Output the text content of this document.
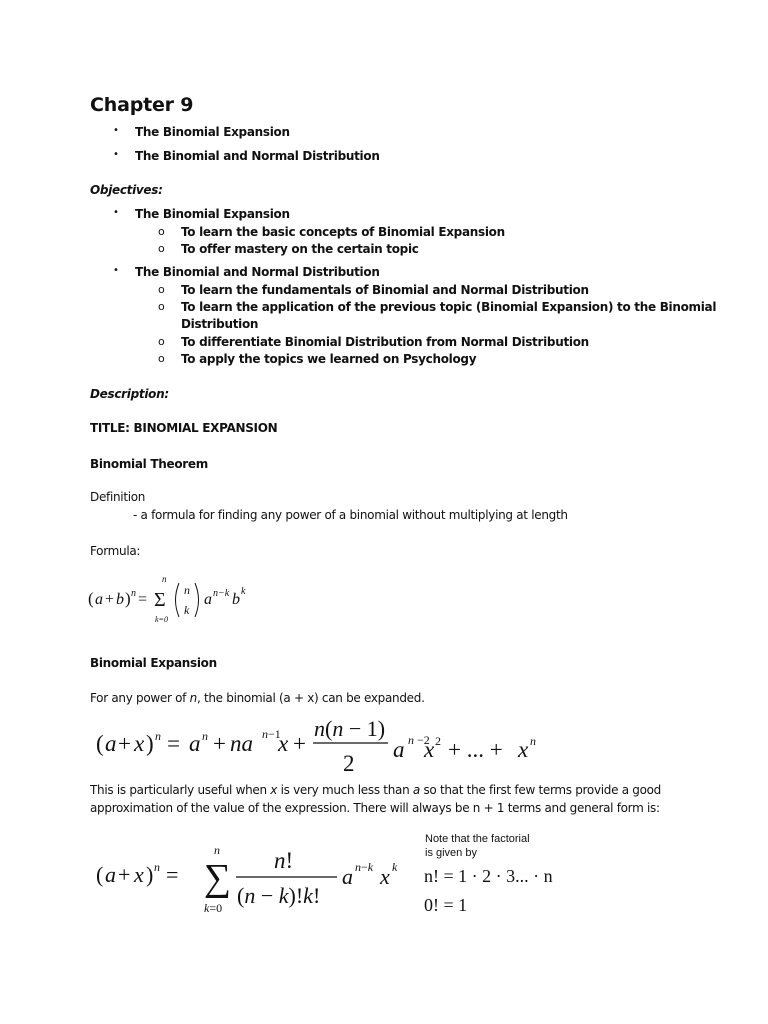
Chapter 9
• The Binomial Expansion
• The Binomial and Normal Distribution
Objectives:
• The Binomial Expansion
o To learn the basic concepts of Binomial Expansion
o To offer mastery on the certain topic
• The Binomial and Normal Distribution
o To learn the fundamentals of Binomial and Normal Distribution
o To learn the application of the previous topic (Binomial Expansion) to the Binomial
Distribution
o To differentiate Binomial Distribution from Normal Distribution
o To apply the topics we learned on Psychology
Description:
TITLE: BINOMIAL EXPANSION
Binomial Theorem
Definition
- a formula for finding any power of a binomial without multiplying at length
Formula:
( a + b ) n =
n
Σ
k=0
n
k
a n−k b k
Binomial Expansion
For any power of n, the binomial (a + x) can be expanded.
( a + x ) n = a n + na n−1
x +
n(n − 1)
2
a n −2
x 2 + ... + x n
This is particularly useful when x is very much less than a so that the first few terms provide a good
approximation of the value of the expression. There will always be n + 1 terms and general form is:
( a + x ) n =
n
∑
k=0
n!
(n − k)!k!
a n−k x k
Note that the factorial
is given by
n! = 1 · 2 · 3... · n
0! = 1
